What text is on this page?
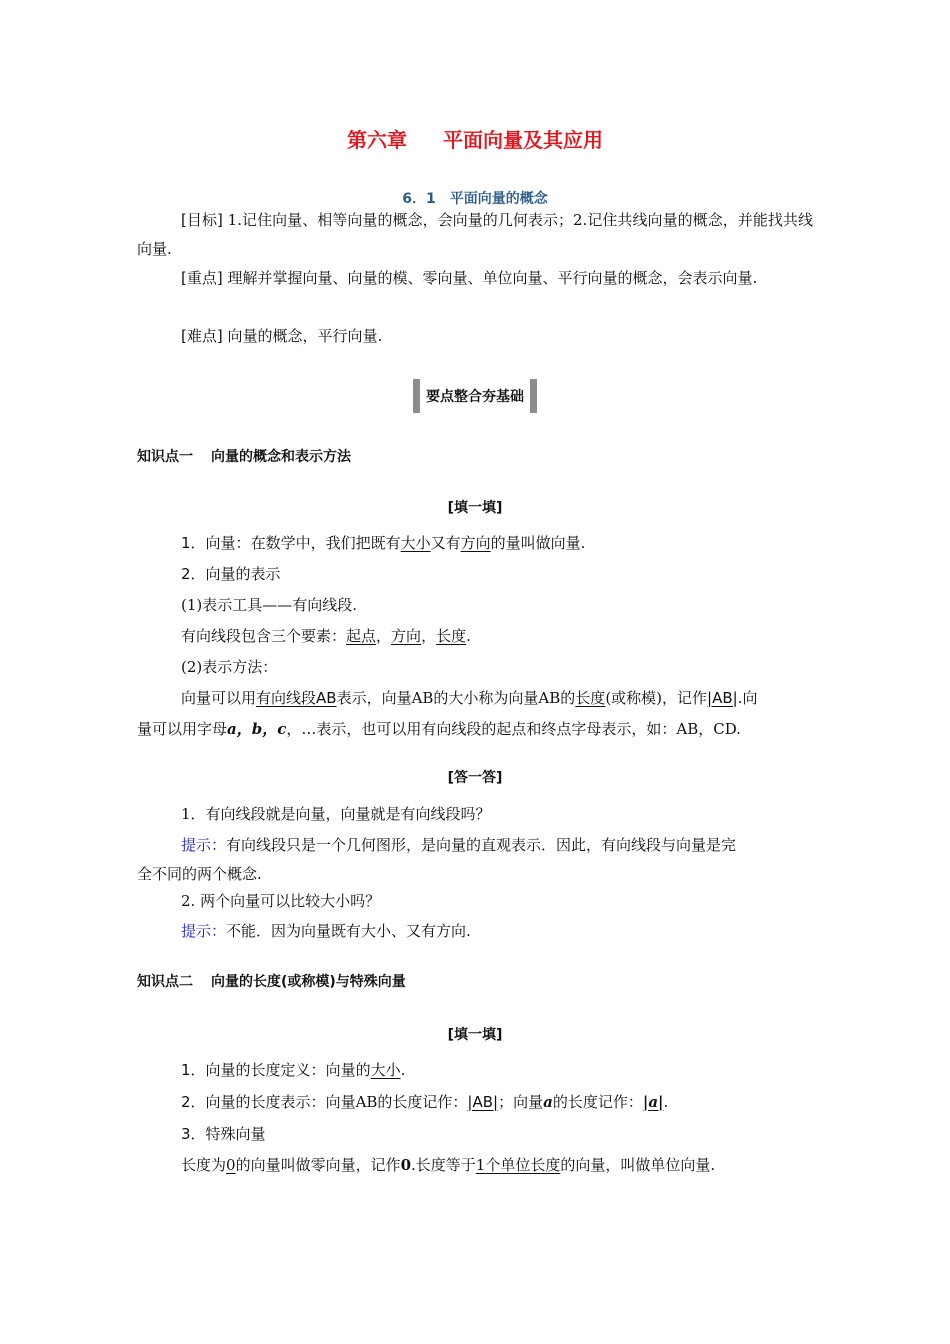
第六章 平面向量及其应用
6．1 平面向量的概念
[目标] 1.记住向量、相等向量的概念，会向量的几何表示；2.记住共线向量的概念，并能找共线向量.
[重点] 理解并掌握向量、向量的模、零向量、单位向量、平行向量的概念，会表示向量.
[难点] 向量的概念，平行向量.
要点整合夯基础
知识点一 向量的概念和表示方法
[填一填]
1．向量：在数学中，我们把既有大小又有方向的量叫做向量.
2．向量的表示
(1)表示工具——有向线段.
有向线段包含三个要素：起点，方向，长度.
(2)表示方法：
向量可以用有向线段AB表示，向量AB的大小称为向量AB的长度(或称模)，记作|AB|.向
量可以用字母a，b，c，…表示，也可以用有向线段的起点和终点字母表示，如：AB，CD.
[答一答]
1．有向线段就是向量，向量就是有向线段吗？
提示：有向线段只是一个几何图形，是向量的直观表示．因此，有向线段与向量是完
全不同的两个概念.
2. 两个向量可以比较大小吗？
提示：不能．因为向量既有大小、又有方向.
知识点二 向量的长度(或称模)与特殊向量
[填一填]
1．向量的长度定义：向量的大小.
2．向量的长度表示：向量AB的长度记作：|AB|；向量a的长度记作：|a|.
3．特殊向量
长度为0的向量叫做零向量，记作0.长度等于1个单位长度的向量，叫做单位向量.
